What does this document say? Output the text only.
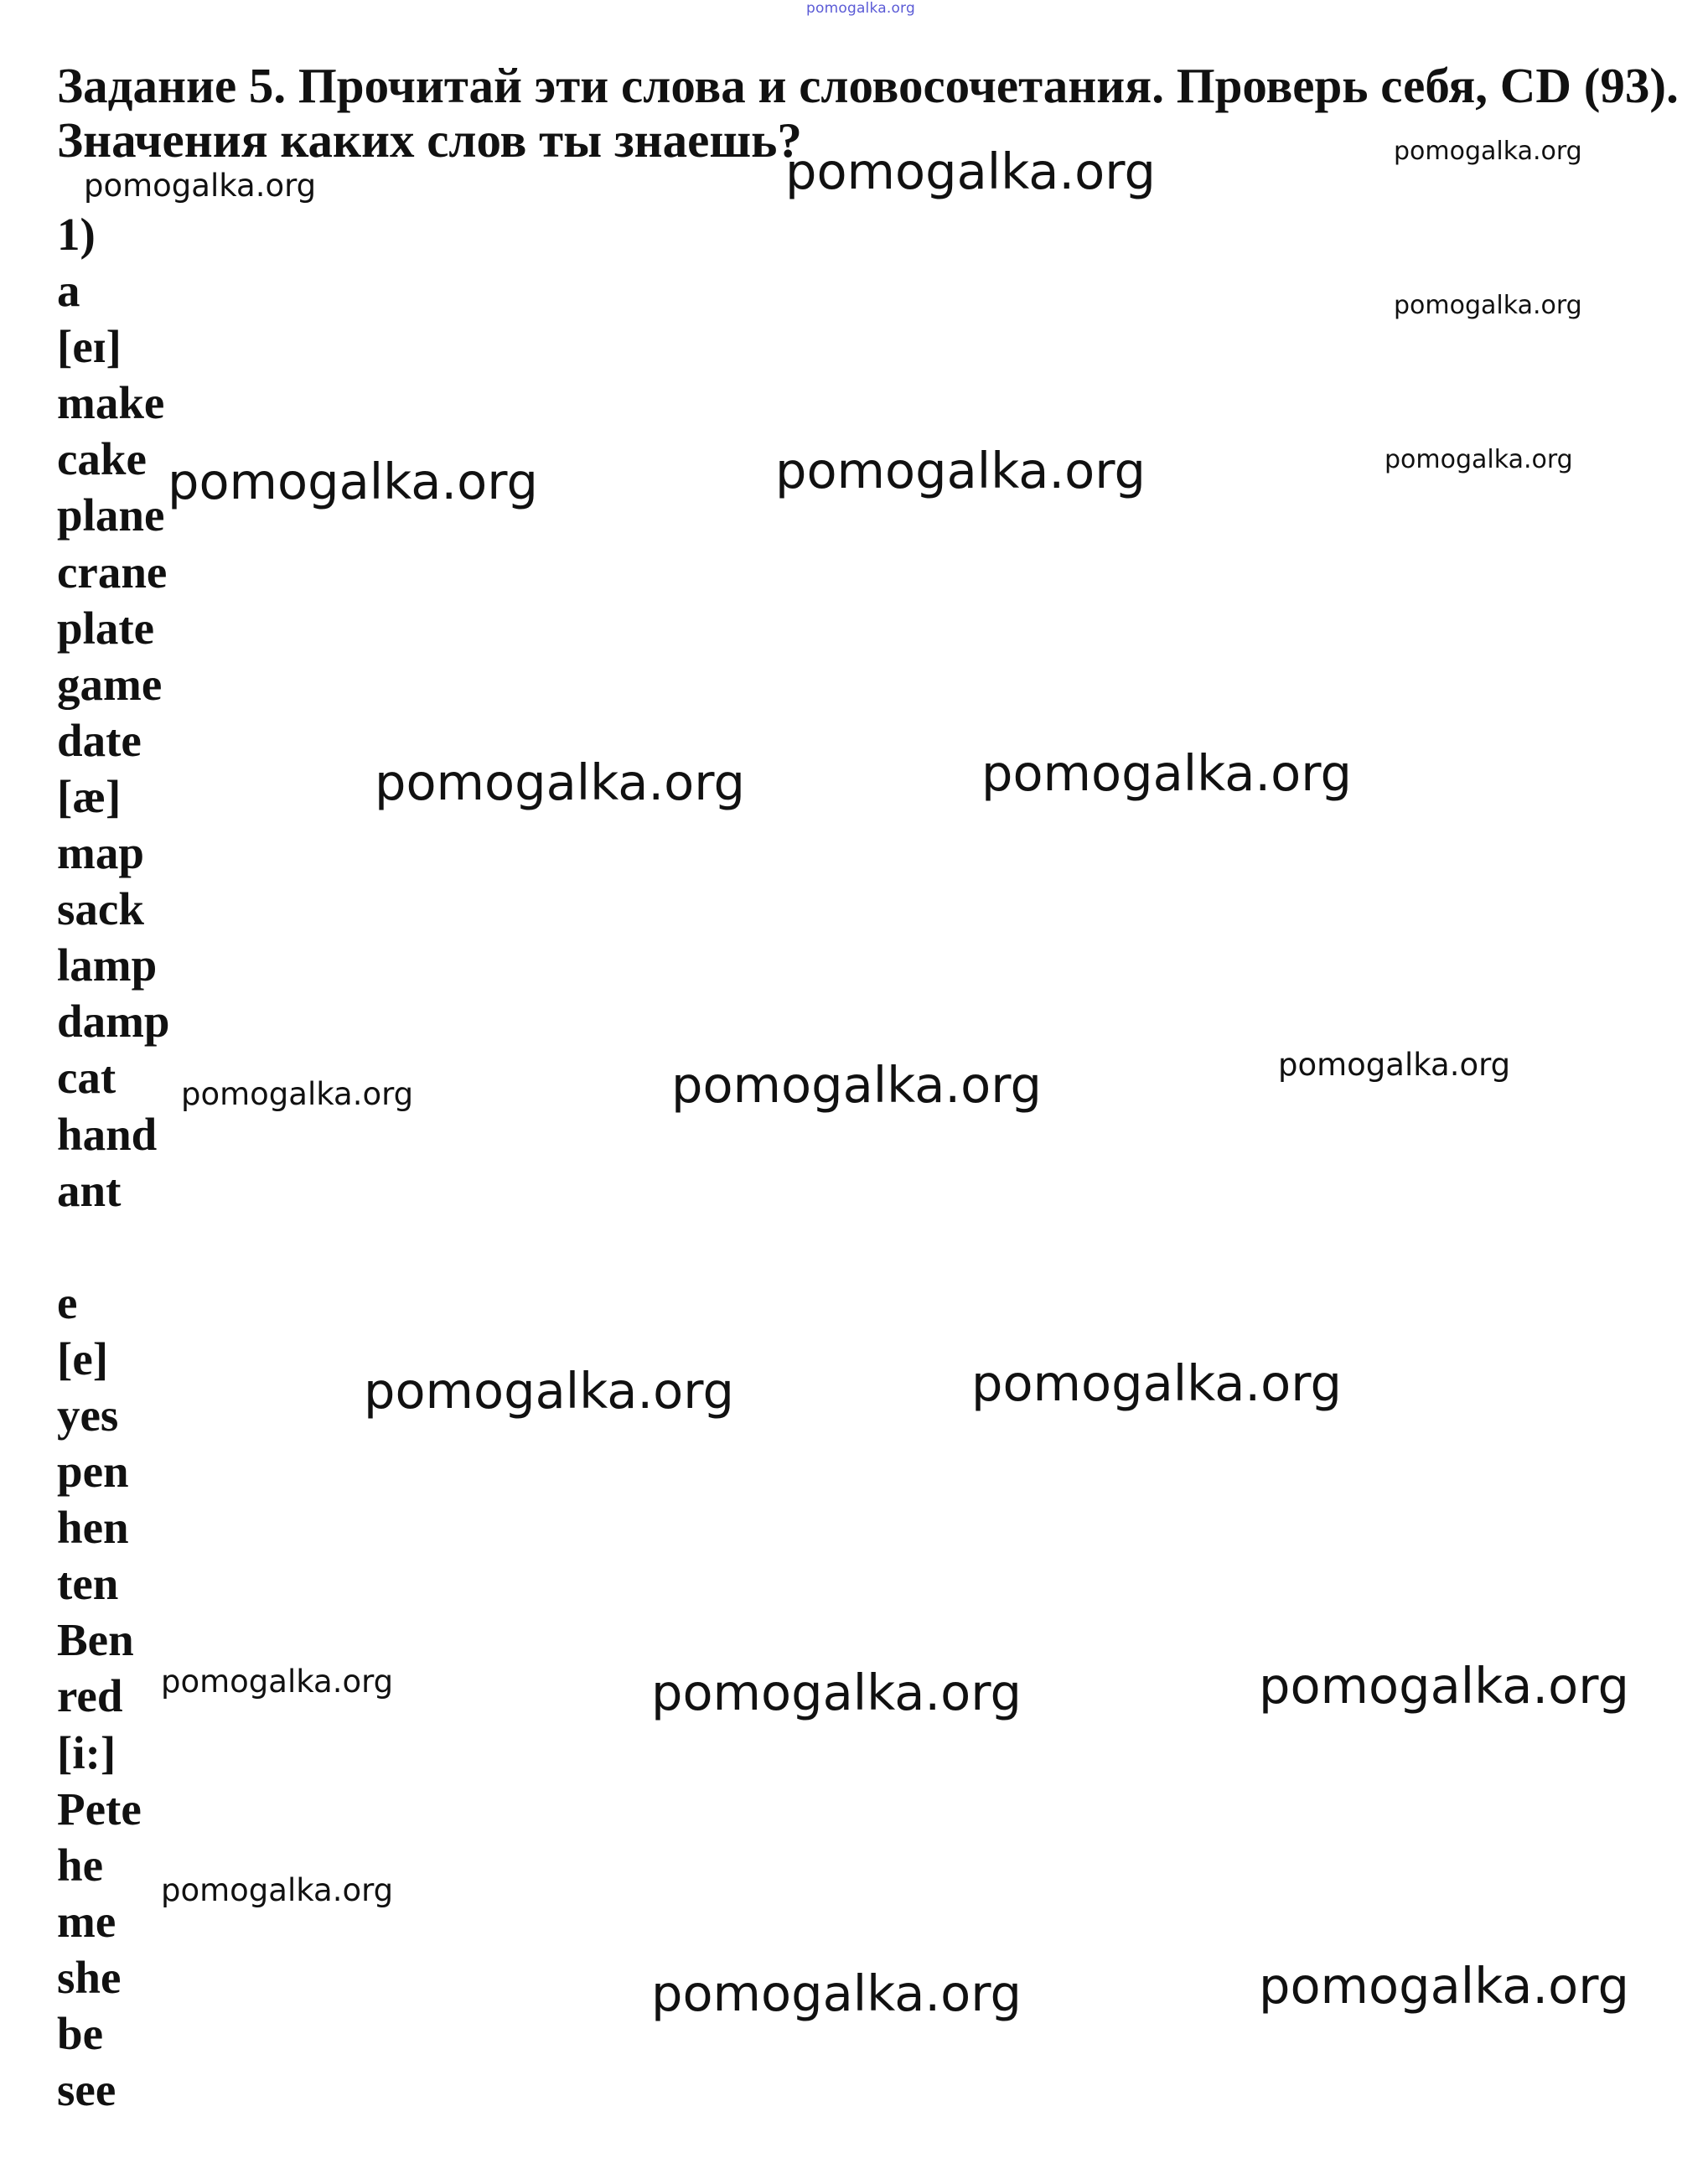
pomogalka.org
Задание 5. Прочитай эти слова и словосочетания. Проверь себя, CD (93).
Значения каких слов ты знаешь?
1)
a
[eɪ]
make
cake
plane
crane
plate
game
date
[æ]
map
sack
lamp
damp
cat
hand
ant
e
[e]
yes
pen
hen
ten
Ben
red
[i:]
Pete
he
me
she
be
see
pomogalka.org
pomogalka.org
pomogalka.org
pomogalka.org
pomogalka.org
pomogalka.org	pomogalka.org
pomogalka.org	pomogalka.org
pomogalka.org
pomogalka.org
pomogalka.org
pomogalka.org	pomogalka.org
pomogalka.org	pomogalka.org	pomogalka.org
pomogalka.org
pomogalka.org	pomogalka.org
